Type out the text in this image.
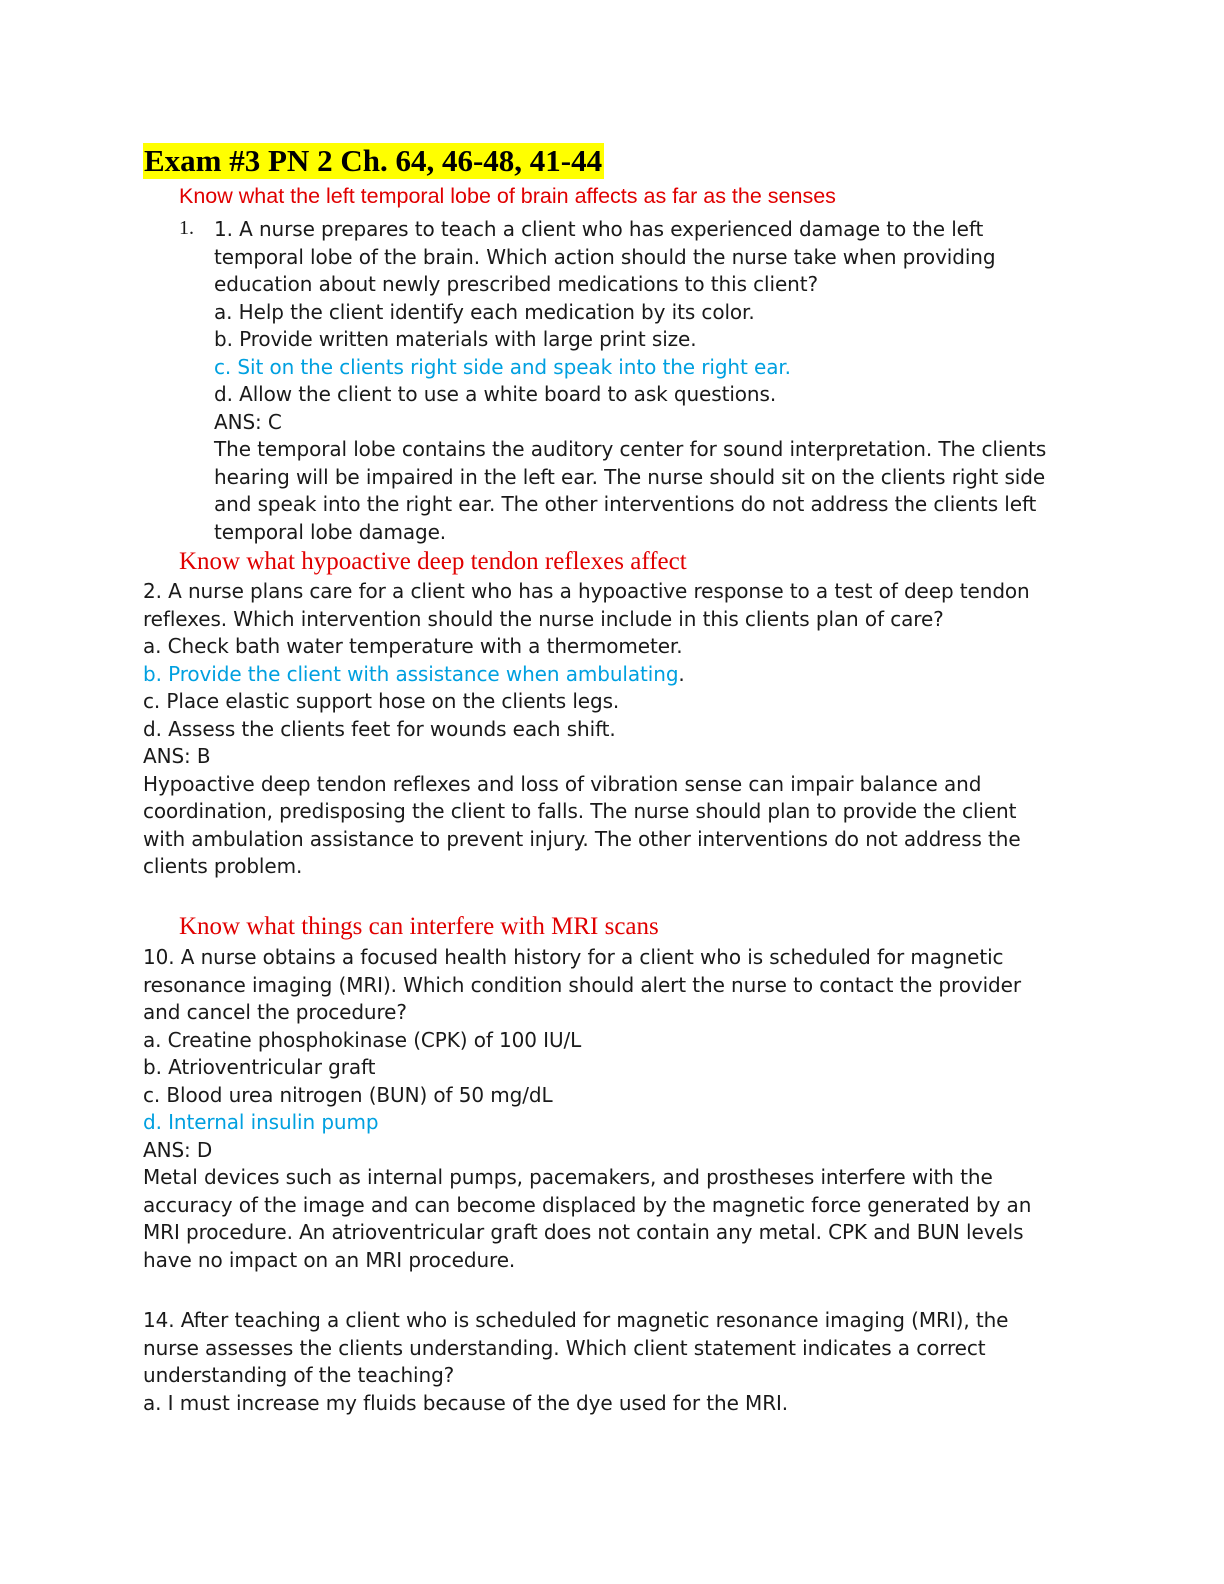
Exam #3 PN 2 Ch. 64, 46-48, 41-44
Know what the left temporal lobe of brain affects as far as the senses
1. 1. A nurse prepares to teach a client who has experienced damage to the left
temporal lobe of the brain. Which action should the nurse take when providing
education about newly prescribed medications to this client?
a. Help the client identify each medication by its color.
b. Provide written materials with large print size.
c. Sit on the clients right side and speak into the right ear.
d. Allow the client to use a white board to ask questions.
ANS: C
The temporal lobe contains the auditory center for sound interpretation. The clients
hearing will be impaired in the left ear. The nurse should sit on the clients right side
and speak into the right ear. The other interventions do not address the clients left
temporal lobe damage.
Know what hypoactive deep tendon reflexes affect
2. A nurse plans care for a client who has a hypoactive response to a test of deep tendon
reflexes. Which intervention should the nurse include in this clients plan of care?
a. Check bath water temperature with a thermometer.
b. Provide the client with assistance when ambulating.
c. Place elastic support hose on the clients legs.
d. Assess the clients feet for wounds each shift.
ANS: B
Hypoactive deep tendon reflexes and loss of vibration sense can impair balance and
coordination, predisposing the client to falls. The nurse should plan to provide the client
with ambulation assistance to prevent injury. The other interventions do not address the
clients problem.
Know what things can interfere with MRI scans
10. A nurse obtains a focused health history for a client who is scheduled for magnetic
resonance imaging (MRI). Which condition should alert the nurse to contact the provider
and cancel the procedure?
a. Creatine phosphokinase (CPK) of 100 IU/L
b. Atrioventricular graft
c. Blood urea nitrogen (BUN) of 50 mg/dL
d. Internal insulin pump
ANS: D
Metal devices such as internal pumps, pacemakers, and prostheses interfere with the
accuracy of the image and can become displaced by the magnetic force generated by an
MRI procedure. An atrioventricular graft does not contain any metal. CPK and BUN levels
have no impact on an MRI procedure.
14. After teaching a client who is scheduled for magnetic resonance imaging (MRI), the
nurse assesses the clients understanding. Which client statement indicates a correct
understanding of the teaching?
a. I must increase my fluids because of the dye used for the MRI.
